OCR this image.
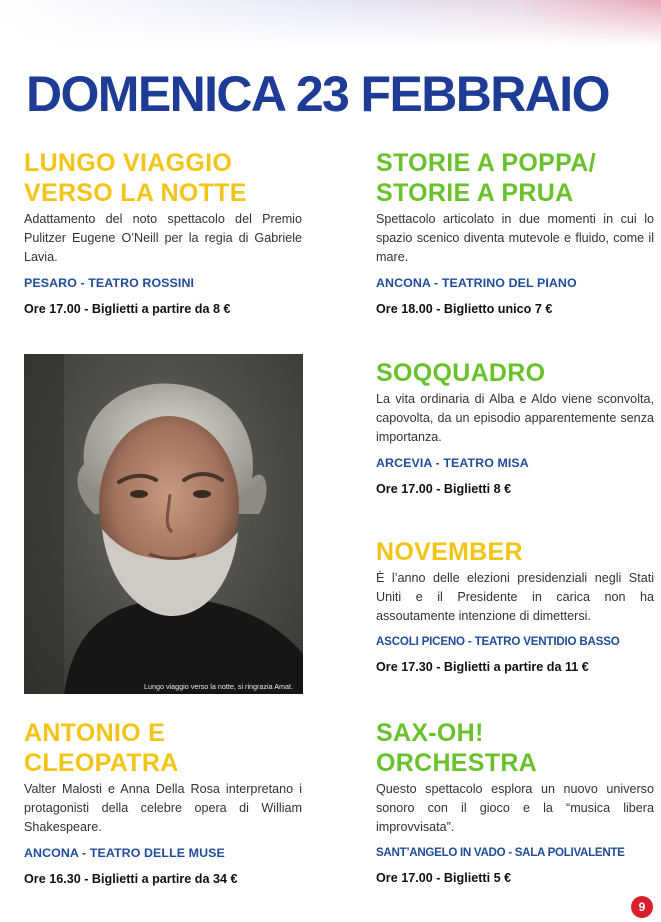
DOMENICA 23 FEBBRAIO
LUNGO VIAGGIO
VERSO LA NOTTE

Adattamento del noto spettacolo del Premio Pulitzer Eugene O’Neill per la regia di Gabriele Lavia.

PESARO - TEATRO ROSSINI

Ore 17.00 - Biglietti a partire da 8 €

STORIE A POPPA/
STORIE A PRUA

Spettacolo articolato in due momenti in cui lo spazio scenico diventa mutevole e fluido, come il mare.

ANCONA - TEATRINO DEL PIANO

Ore 18.00 - Biglietto unico 7 €

SOQQUADRO

La vita ordinaria di Alba e Aldo viene sconvolta, capovolta, da un episodio apparentemente senza importanza.

ARCEVIA - TEATRO MISA

Ore 17.00 - Biglietti 8 €

NOVEMBER

È l’anno delle elezioni presidenziali negli Stati Uniti e il Presidente in carica non ha assoutamente intenzione di dimettersi.

ASCOLI PICENO - TEATRO VENTIDIO BASSO

Ore 17.30 - Biglietti a partire da 11 €

Lungo viaggio verso la notte, si ringrazia Amat.
ANTONIO E
CLEOPATRA

Valter Malosti e Anna Della Rosa interpretano i protagonisti della celebre opera di William Shakespeare.

ANCONA - TEATRO DELLE MUSE

Ore 16.30 - Biglietti a partire da 34 €

SAX-OH!
ORCHESTRA

Questo spettacolo esplora un nuovo universo sonoro con il gioco e la “musica libera improvvisata”.

SANT’ANGELO IN VADO - SALA POLIVALENTE

Ore 17.00 - Biglietti 5 €

9
